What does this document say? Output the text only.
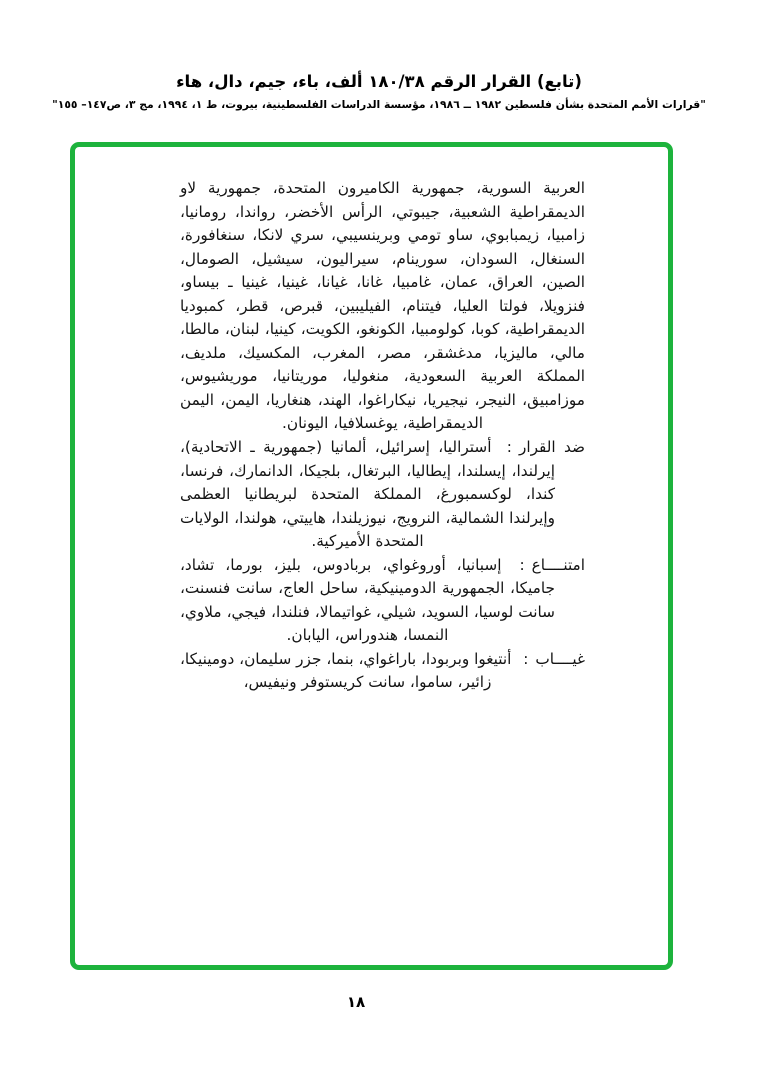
(تابع) القرار الرقم ١٨٠/٣٨ ألف، باء، جيم، دال، هاء
"قرارات الأمم المتحدة بشأن فلسطين ١٩٨٢ ــ ١٩٨٦، مؤسسة الدراسات الفلسطينية، بيروت، ط ١، ١٩٩٤، مج ٣، ص١٤٧– ١٥٥"

العربية السورية، جمهورية الكاميرون المتحدة، جمهورية لاو الديمقراطية الشعبية، جيبوتي، الرأس الأخضر، رواندا، رومانيا، زامبيا، زيمبابوي، ساو تومي وبرينسيبي، سري لانكا، سنغافورة، السنغال، السودان، سورينام، سيراليون، سيشيل، الصومال، الصين، العراق، عمان، غامبيا، غانا، غيانا، غينيا، غينيا ـ بيساو، فنزويلا، فولتا العليا، فيتنام، الفيليبين، قبرص، قطر، كمبوديا الديمقراطية، كوبا، كولومبيا، الكونغو، الكويت، كينيا، لبنان، مالطا، مالي، ماليزيا، مدغشقر، مصر، المغرب، المكسيك، ملديف، المملكة العربية السعودية، منغوليا، موريتانيا، موريشيوس، موزامبيق، النيجر، نيجيريا، نيكاراغوا، الهند، هنغاريا، اليمن، اليمن الديمقراطية، يوغسلافيا، اليونان.

ضد القرار: أستراليا، إسرائيل، ألمانيا (جمهورية ـ الاتحادية)، إيرلندا، إيسلندا، إيطاليا، البرتغال، بلجيكا، الدانمارك، فرنسا، كندا، لوكسمبورغ، المملكة المتحدة لبريطانيا العظمى وإيرلندا الشمالية، النرويج، نيوزيلندا، هاييتي، هولندا، الولايات المتحدة الأميركية.

امتنــــاع: إسبانيا، أوروغواي، بربادوس، بليز، بورما، تشاد، جاميكا، الجمهورية الدومينيكية، ساحل العاج، سانت فنسنت، سانت لوسيا، السويد، شيلي، غواتيمالا، فنلندا، فيجي، ملاوي، النمسا، هندوراس، اليابان.

غيــــاب: أنتيغوا وبربودا، باراغواي، بنما، جزر سليمان، دومينيكا، زائير، ساموا، سانت كريستوفر ونيفيس،

١٨
